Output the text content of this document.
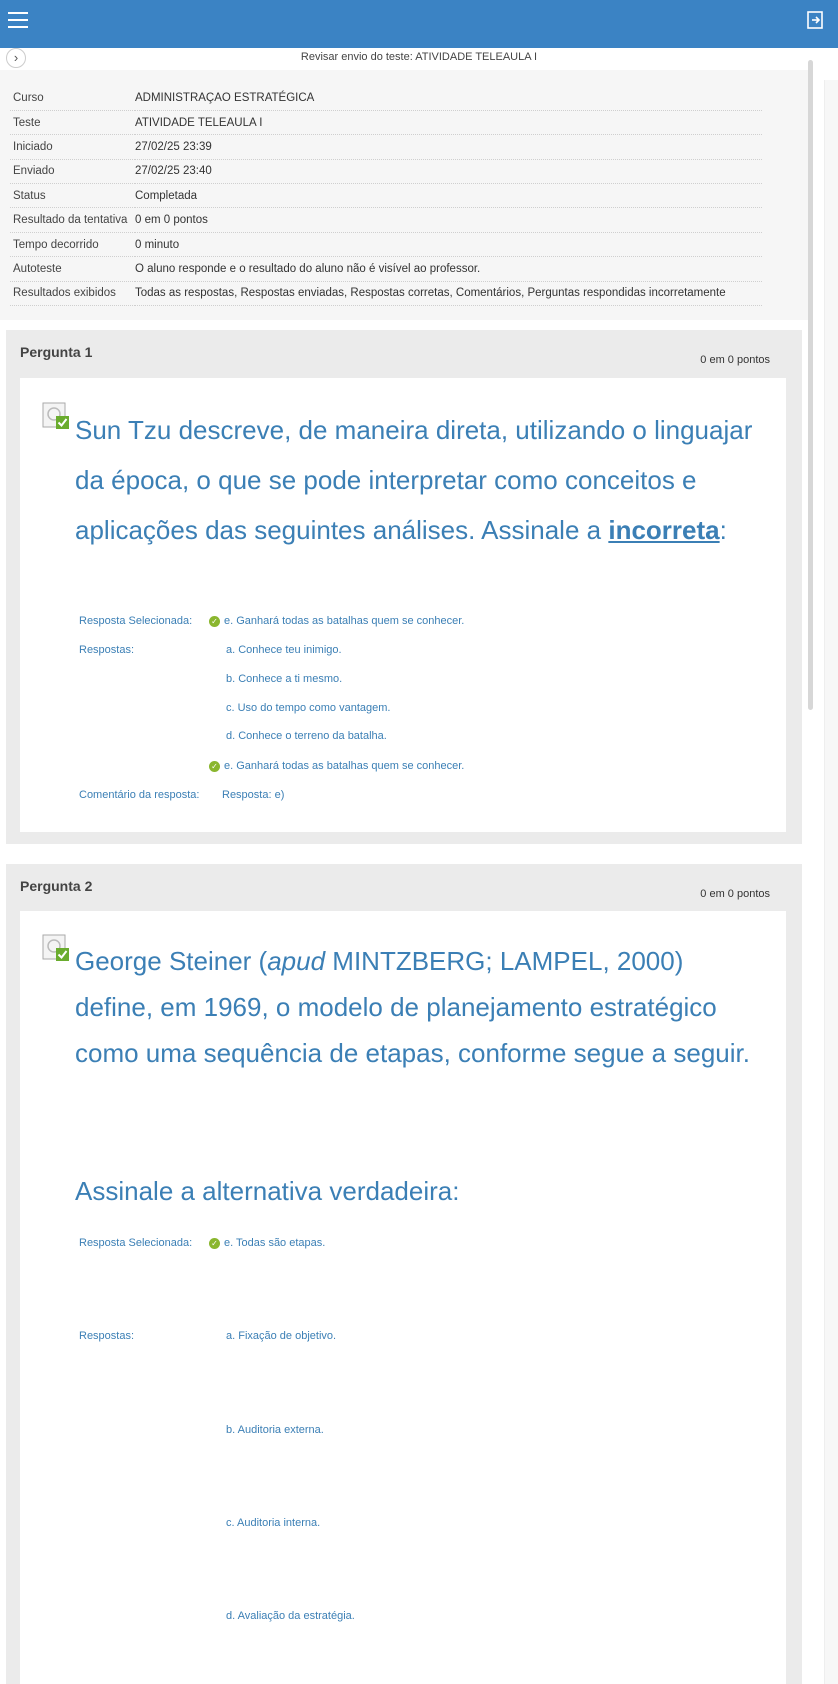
›	Revisar envio do teste: ATIVIDADE TELEAULA I
Curso	ADMINISTRAÇAO ESTRATÉGICA
Teste	ATIVIDADE TELEAULA I
Iniciado	27/02/25 23:39
Enviado	27/02/25 23:40
Status	Completada
Resultado da tentativa	0 em 0 pontos
Tempo decorrido	0 minuto
Autoteste	O aluno responde e o resultado do aluno não é visível ao professor.
Resultados exibidos	Todas as respostas, Respostas enviadas, Respostas corretas, Comentários, Perguntas respondidas incorretamente
Pergunta 1	0 em 0 pontos
Sun Tzu descreve, de maneira direta, utilizando o linguajar da época, o que se pode interpretar como conceitos e aplicações das seguintes análises. Assinale a incorreta:
Resposta Selecionada: ✓ e. Ganhará todas as batalhas quem se conhecer.
Respostas:	a. Conhece teu inimigo.
b. Conhece a ti mesmo.
c. Uso do tempo como vantagem.
d. Conhece o terreno da batalha.
✓ e. Ganhará todas as batalhas quem se conhecer.
Comentário da resposta: Resposta: e)
Pergunta 2	0 em 0 pontos
George Steiner (apud MINTZBERG; LAMPEL, 2000) define, em 1969, o modelo de planejamento estratégico como uma sequência de etapas, conforme segue a seguir.
Assinale a alternativa verdadeira:
Resposta Selecionada: ✓ e. Todas são etapas.
Respostas:	a. Fixação de objetivo.
b. Auditoria externa.
c. Auditoria interna.
d. Avaliação da estratégia.
